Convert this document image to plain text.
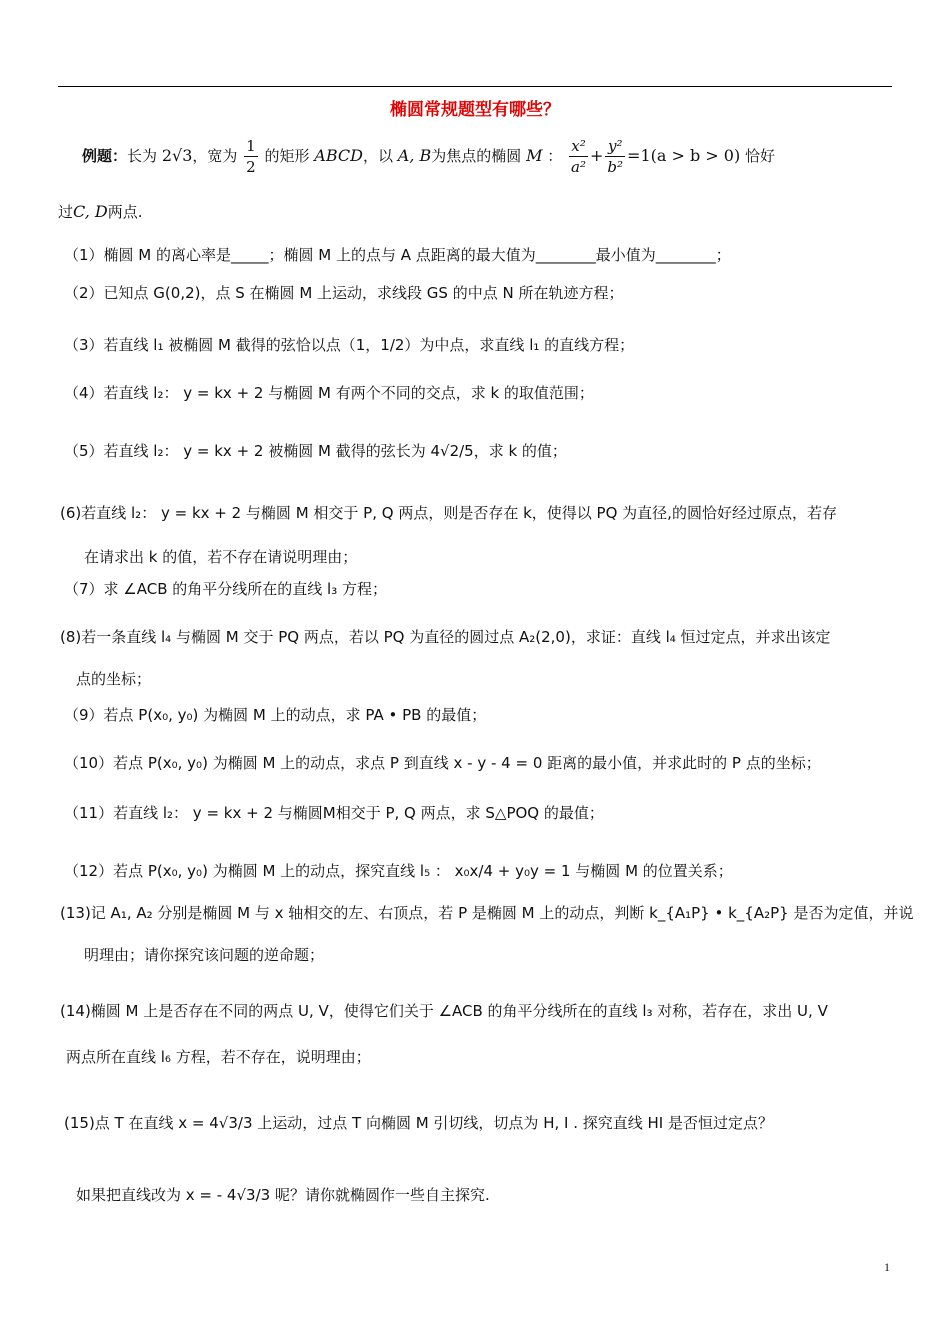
椭圆常规题型有哪些？
例题：长为 2√3，宽为 $\frac{1}{2}$ 的矩形 ABCD，以 A, B为焦点的椭圆 M ： $\frac{\text{x²}}{\text{a²}} + \frac{\text{y²}}{\text{b²}} =1(a > b > 0)$ 恰好
过C, D两点.
（1）椭圆 M 的离心率是_____；椭圆 M 上的点与 A 点距离的最大值为________最小值为________；
（2）已知点 G(0,2)，点 S 在椭圆 M 上运动，求线段 GS 的中点 N 所在轨迹方程；
（3）若直线 l₁ 被椭圆 M 截得的弦恰以点（1，1/2）为中点，求直线 l₁ 的直线方程；
（4）若直线 l₂： y = kx + 2 与椭圆 M 有两个不同的交点，求 k 的取值范围；
（5）若直线 l₂： y = kx + 2 被椭圆 M 截得的弦长为 4√2/5，求 k 的值；
(6)若直线 l₂： y = kx + 2 与椭圆 M 相交于 P, Q 两点，则是否存在 k，使得以 PQ 为直径,的圆恰好经过原点，若存
在请求出 k 的值，若不存在请说明理由；
（7）求 ∠ACB 的角平分线所在的直线 l₃ 方程；
(8)若一条直线 l₄ 与椭圆 M 交于 PQ 两点，若以 PQ 为直径的圆过点 A₂(2,0)，求证：直线 l₄ 恒过定点，并求出该定
点的坐标；
（9）若点 P(x₀, y₀) 为椭圆 M 上的动点，求 PA • PB 的最值；
（10）若点 P(x₀, y₀) 为椭圆 M 上的动点，求点 P 到直线 x - y - 4 = 0 距离的最小值，并求此时的 P 点的坐标；
（11）若直线 l₂： y = kx + 2 与椭圆M相交于 P, Q 两点，求 S△POQ 的最值；
（12）若点 P(x₀, y₀) 为椭圆 M 上的动点，探究直线 l₅ ： x₀x/4 + y₀y = 1 与椭圆 M 的位置关系；
(13)记 A₁, A₂ 分别是椭圆 M 与 x 轴相交的左、右顶点，若 P 是椭圆 M 上的动点，判断 k_{A₁P} • k_{A₂P} 是否为定值，并说
明理由；请你探究该问题的逆命题；
(14)椭圆 M 上是否存在不同的两点 U, V，使得它们关于 ∠ACB 的角平分线所在的直线 l₃ 对称，若存在，求出 U, V
两点所在直线 l₆ 方程，若不存在，说明理由；
(15)点 T 在直线 x = 4√3/3 上运动，过点 T 向椭圆 M 引切线，切点为 H, I . 探究直线 HI 是否恒过定点？
如果把直线改为 x = - 4√3/3 呢？请你就椭圆作一些自主探究.
1
